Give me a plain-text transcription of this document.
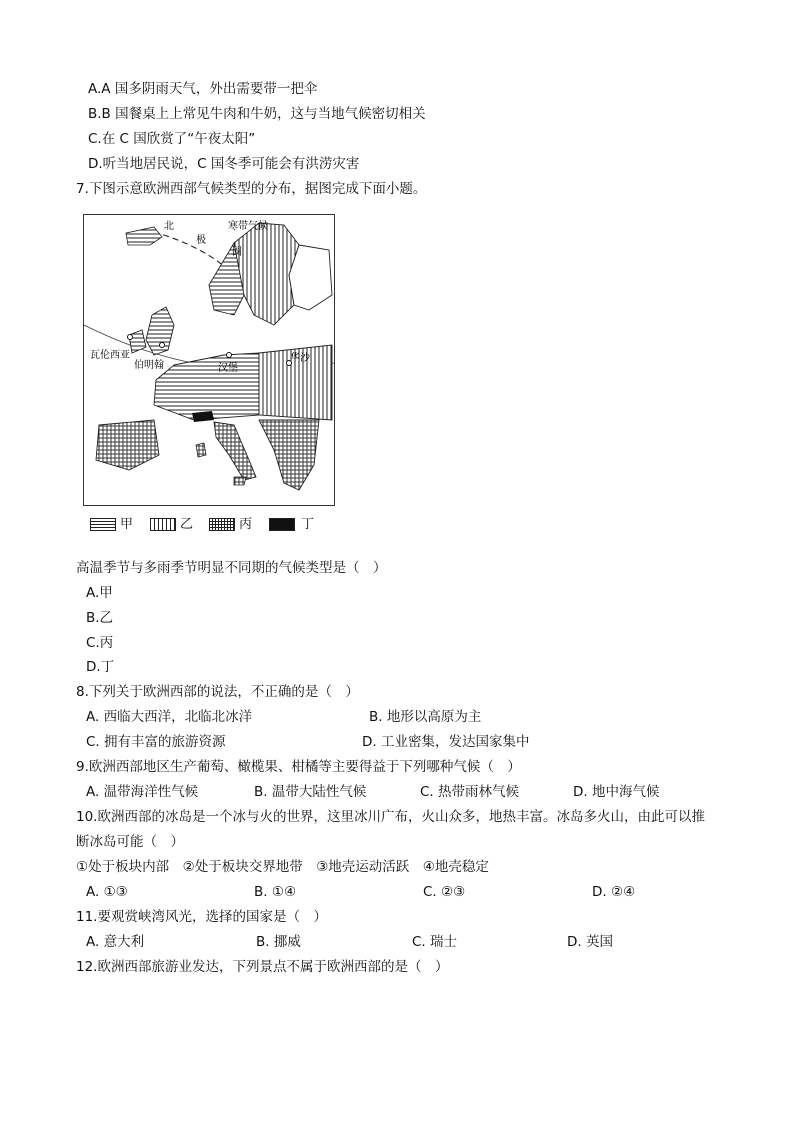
A.A 国多阴雨天气，外出需要带一把伞
B.B 国餐桌上上常见牛肉和牛奶，这与当地气候密切相关
C.在 C 国欣赏了“午夜太阳”
D.听当地居民说，C 国冬季可能会有洪涝灾害
7.下图示意欧洲西部气候类型的分布，据图完成下面小题。
北
极
圈
寒带气候
瓦伦西亚
伯明翰	汉堡
华沙
甲	乙	丙	丁
高温季节与多雨季节明显不同期的气候类型是（　）
A.甲
B.乙
C.丙
D.丁
8.下列关于欧洲西部的说法，不正确的是（　）
A. 西临大西洋，北临北冰洋	B. 地形以高原为主
C. 拥有丰富的旅游资源	D. 工业密集，发达国家集中
9.欧洲西部地区生产葡萄、橄榄果、柑橘等主要得益于下列哪种气候（　）
A. 温带海洋性气候	B. 温带大陆性气候	C. 热带雨林气候	D. 地中海气候
10.欧洲西部的冰岛是一个冰与火的世界，这里冰川广布，火山众多，地热丰富。冰岛多火山，由此可以推
断冰岛可能（　）
①处于板块内部　②处于板块交界地带　③地壳运动活跃　④地壳稳定
A. ①③	B. ①④	C. ②③	D. ②④
11.要观赏峡湾风光，选择的国家是（　）
A. 意大利	B. 挪威	C. 瑞士	D. 英国
12.欧洲西部旅游业发达，下列景点不属于欧洲西部的是（　）
